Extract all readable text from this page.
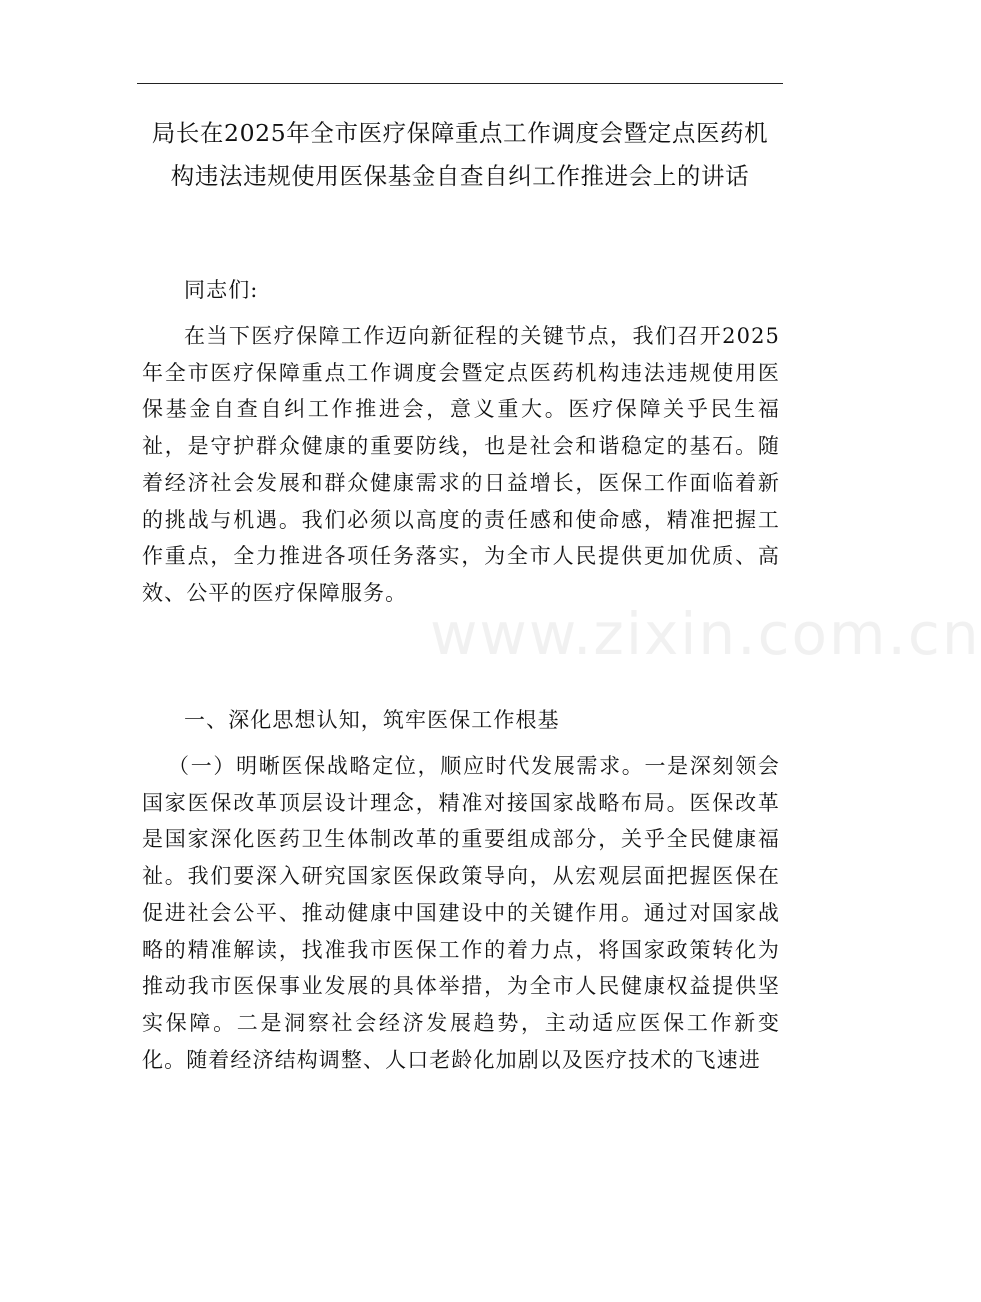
局长在2025年全市医疗保障重点工作调度会暨定点医药机构违法违规使用医保基金自查自纠工作推进会上的讲话

同志们:

在当下医疗保障工作迈向新征程的关键节点，我们召开2025年全市医疗保障重点工作调度会暨定点医药机构违法违规使用医保基金自查自纠工作推进会，意义重大。医疗保障关乎民生福祉，是守护群众健康的重要防线，也是社会和谐稳定的基石。随着经济社会发展和群众健康需求的日益增长，医保工作面临着新的挑战与机遇。我们必须以高度的责任感和使命感，精准把握工作重点，全力推进各项任务落实，为全市人民提供更加优质、高效、公平的医疗保障服务。

一、深化思想认知，筑牢医保工作根基

（一）明晰医保战略定位，顺应时代发展需求。一是深刻领会国家医保改革顶层设计理念，精准对接国家战略布局。医保改革是国家深化医药卫生体制改革的重要组成部分，关乎全民健康福祉。我们要深入研究国家医保政策导向，从宏观层面把握医保在促进社会公平、推动健康中国建设中的关键作用。通过对国家战略的精准解读，找准我市医保工作的着力点，将国家政策转化为推动我市医保事业发展的具体举措，为全市人民健康权益提供坚实保障。二是洞察社会经济发展趋势，主动适应医保工作新变化。随着经济结构调整、人口老龄化加剧以及医疗技术的飞速进

www.zixin.com.cn
